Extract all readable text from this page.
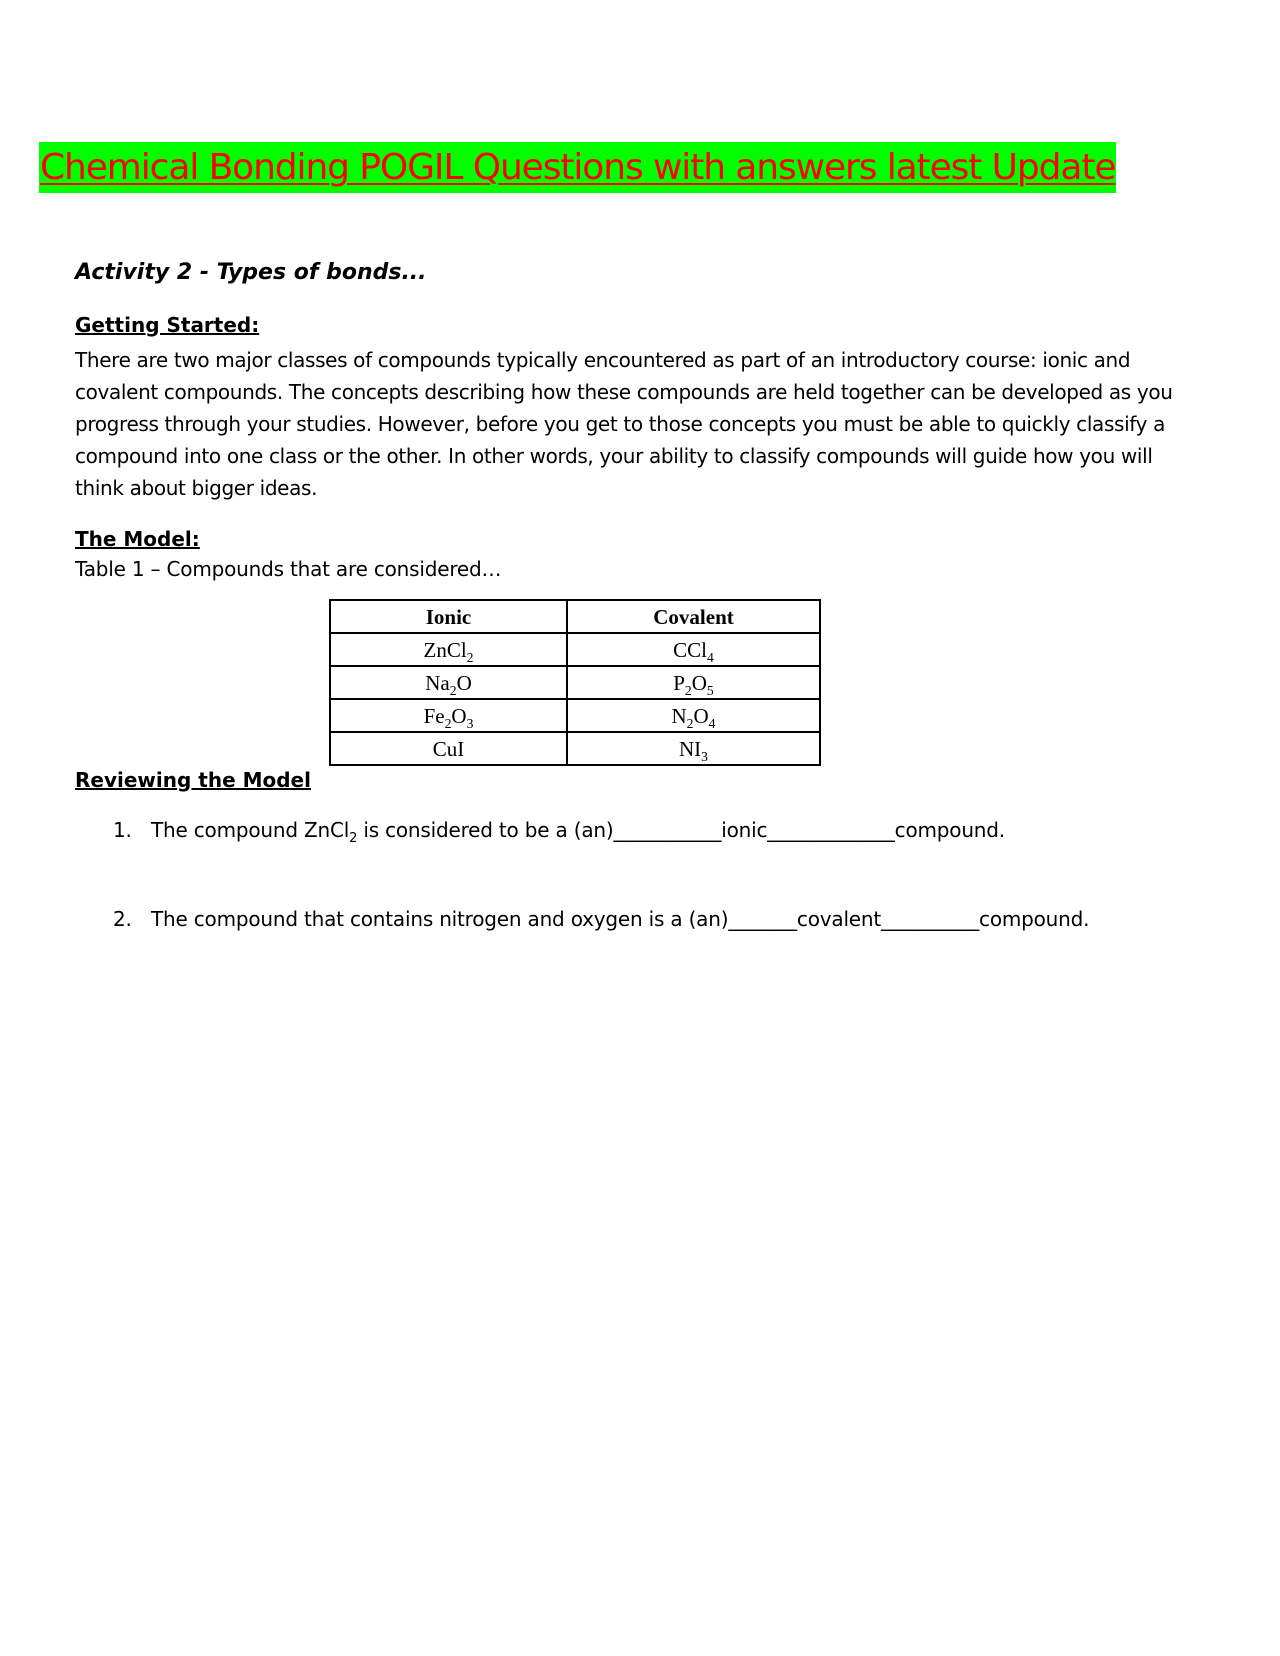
Chemical Bonding POGIL Questions with answers latest Update
Activity 2 - Types of bonds...
Getting Started:

There are two major classes of compounds typically encountered as part of an introductory course: ionic and covalent compounds. The concepts describing how these compounds are held together can be developed as you progress through your studies. However, before you get to those concepts you must be able to quickly classify a compound into one class or the other. In other words, your ability to classify compounds will guide how you will think about bigger ideas.

The Model:
Table 1 – Compounds that are considered…
Ionic	Covalent
ZnCl$_2$	CCl$_4$
$Na_2O$	$P_2O_5$
$Fe_2O_3$	$N_2O_4$
CuI	$NI_3$
Reviewing the Model
1. The compound ZnCl$_2$ is considered to be a (an)___________ionic_____________compound.
2. The compound that contains nitrogen and oxygen is a (an)_______covalent__________compound.
